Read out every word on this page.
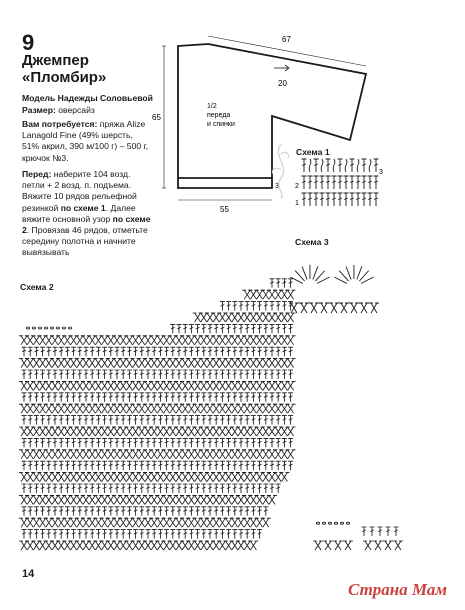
9
Джемпер
«Пломбир»
Модель Надежды Соловьевой
Размер: оверсайз
Вам потребуется: пряжа Alize Lanagold Fine (49% шерсть, 51% акрил, 390 м/100 г) – 500 г, крючок №3.
Перед: наберите 104 возд. петли + 2 возд. п. подъема. Вяжите 10 рядов рельефной резинкой по схеме 1. Далее вяжите основной узор по схеме 2. Провязав 46 рядов, отметьте середину полотна и начните вывязывать
67
65
20
55
3
1/2
переда
и спинки
Схема 1
Схема 3
Схема 2
2
1
3
14
Страна Мам
